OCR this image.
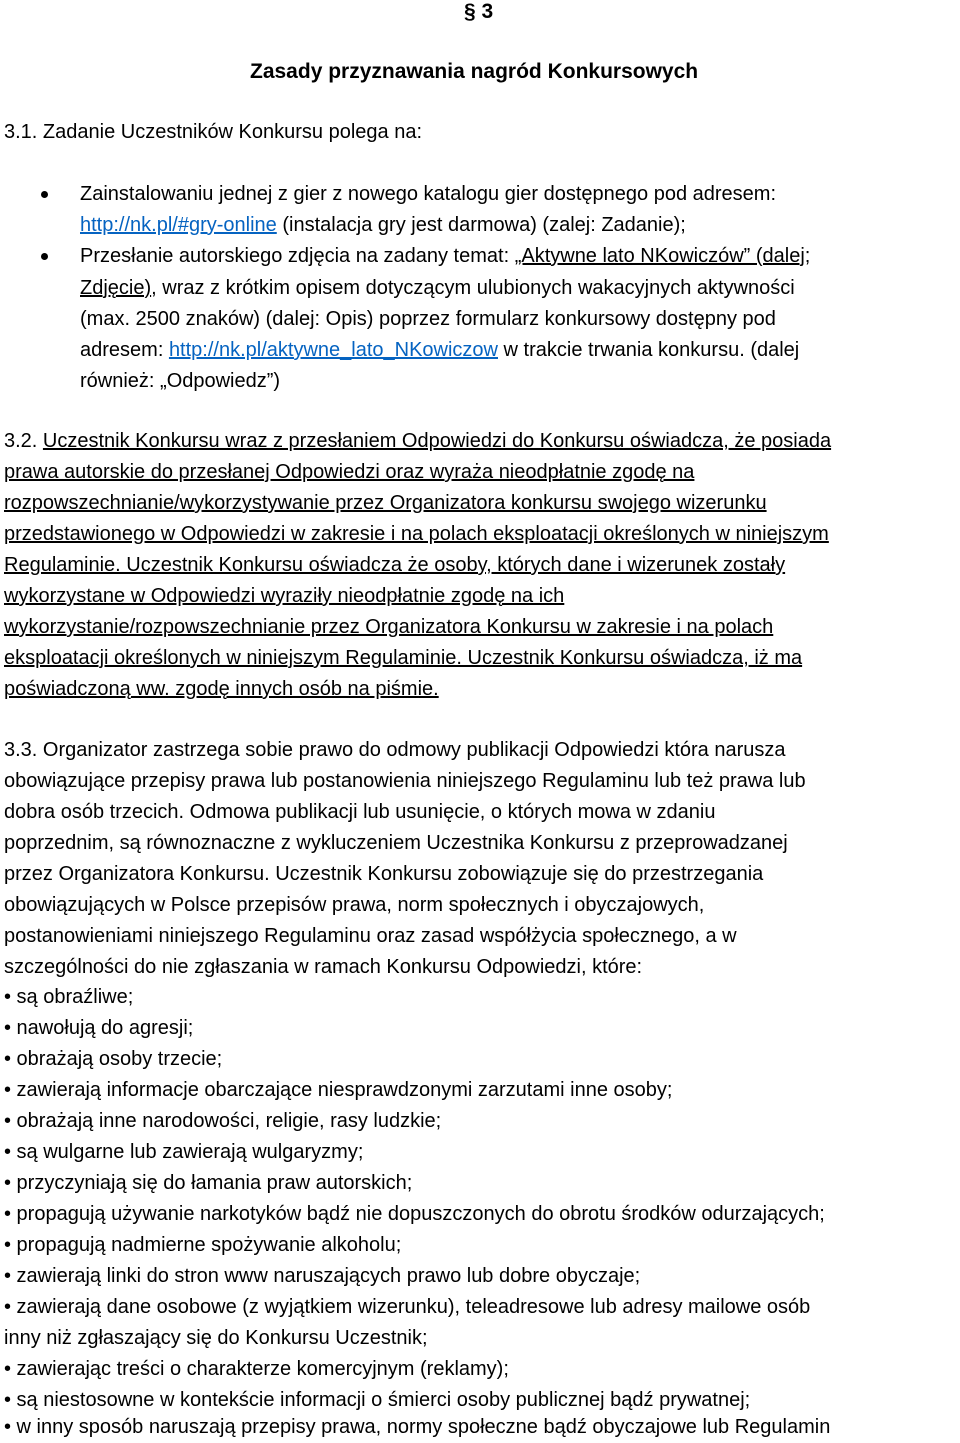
§ 3
Zasady przyznawania nagród Konkursowych
3.1. Zadanie Uczestników Konkursu polega na:
Zainstalowaniu jednej z gier z nowego katalogu gier dostępnego pod adresem:
http://nk.pl/#gry-online (instalacja gry jest darmowa) (zalej: Zadanie);
Przesłanie autorskiego zdjęcia na zadany temat: „Aktywne lato NKowiczów” (dalej;
Zdjęcie), wraz z krótkim opisem dotyczącym ulubionych wakacyjnych aktywności
(max. 2500 znaków) (dalej: Opis) poprzez formularz konkursowy dostępny pod
adresem: http://nk.pl/aktywne_lato_NKowiczow w trakcie trwania konkursu. (dalej
również: „Odpowiedz”)
3.2. Uczestnik Konkursu wraz z przesłaniem Odpowiedzi do Konkursu oświadcza, że posiada
prawa autorskie do przesłanej Odpowiedzi oraz wyraża nieodpłatnie zgodę na
rozpowszechnianie/wykorzystywanie przez Organizatora konkursu swojego wizerunku
przedstawionego w Odpowiedzi w zakresie i na polach eksploatacji określonych w niniejszym
Regulaminie. Uczestnik Konkursu oświadcza że osoby, których dane i wizerunek zostały
wykorzystane w Odpowiedzi wyraziły nieodpłatnie zgodę na ich
wykorzystanie/rozpowszechnianie przez Organizatora Konkursu w zakresie i na polach
eksploatacji określonych w niniejszym Regulaminie. Uczestnik Konkursu oświadcza, iż ma
poświadczoną ww. zgodę innych osób na piśmie.
3.3. Organizator zastrzega sobie prawo do odmowy publikacji Odpowiedzi która narusza
obowiązujące przepisy prawa lub postanowienia niniejszego Regulaminu lub też prawa lub
dobra osób trzecich. Odmowa publikacji lub usunięcie, o których mowa w zdaniu
poprzednim, są równoznaczne z wykluczeniem Uczestnika Konkursu z przeprowadzanej
przez Organizatora Konkursu. Uczestnik Konkursu zobowiązuje się do przestrzegania
obowiązujących w Polsce przepisów prawa, norm społecznych i obyczajowych,
postanowieniami niniejszego Regulaminu oraz zasad współżycia społecznego, a w
szczególności do nie zgłaszania w ramach Konkursu Odpowiedzi, które:
• są obraźliwe;
• nawołują do agresji;
• obrażają osoby trzecie;
• zawierają informacje obarczające niesprawdzonymi zarzutami inne osoby;
• obrażają inne narodowości, religie, rasy ludzkie;
• są wulgarne lub zawierają wulgaryzmy;
• przyczyniają się do łamania praw autorskich;
• propagują używanie narkotyków bądź nie dopuszczonych do obrotu środków odurzających;
• propagują nadmierne spożywanie alkoholu;
• zawierają linki do stron www naruszających prawo lub dobre obyczaje;
• zawierają dane osobowe (z wyjątkiem wizerunku), teleadresowe lub adresy mailowe osób
inny niż zgłaszający się do Konkursu Uczestnik;
• zawierając treści o charakterze komercyjnym (reklamy);
• są niestosowne w kontekście informacji o śmierci osoby publicznej bądź prywatnej;
• w inny sposób naruszają przepisy prawa, normy społeczne bądź obyczajowe lub Regulamin
